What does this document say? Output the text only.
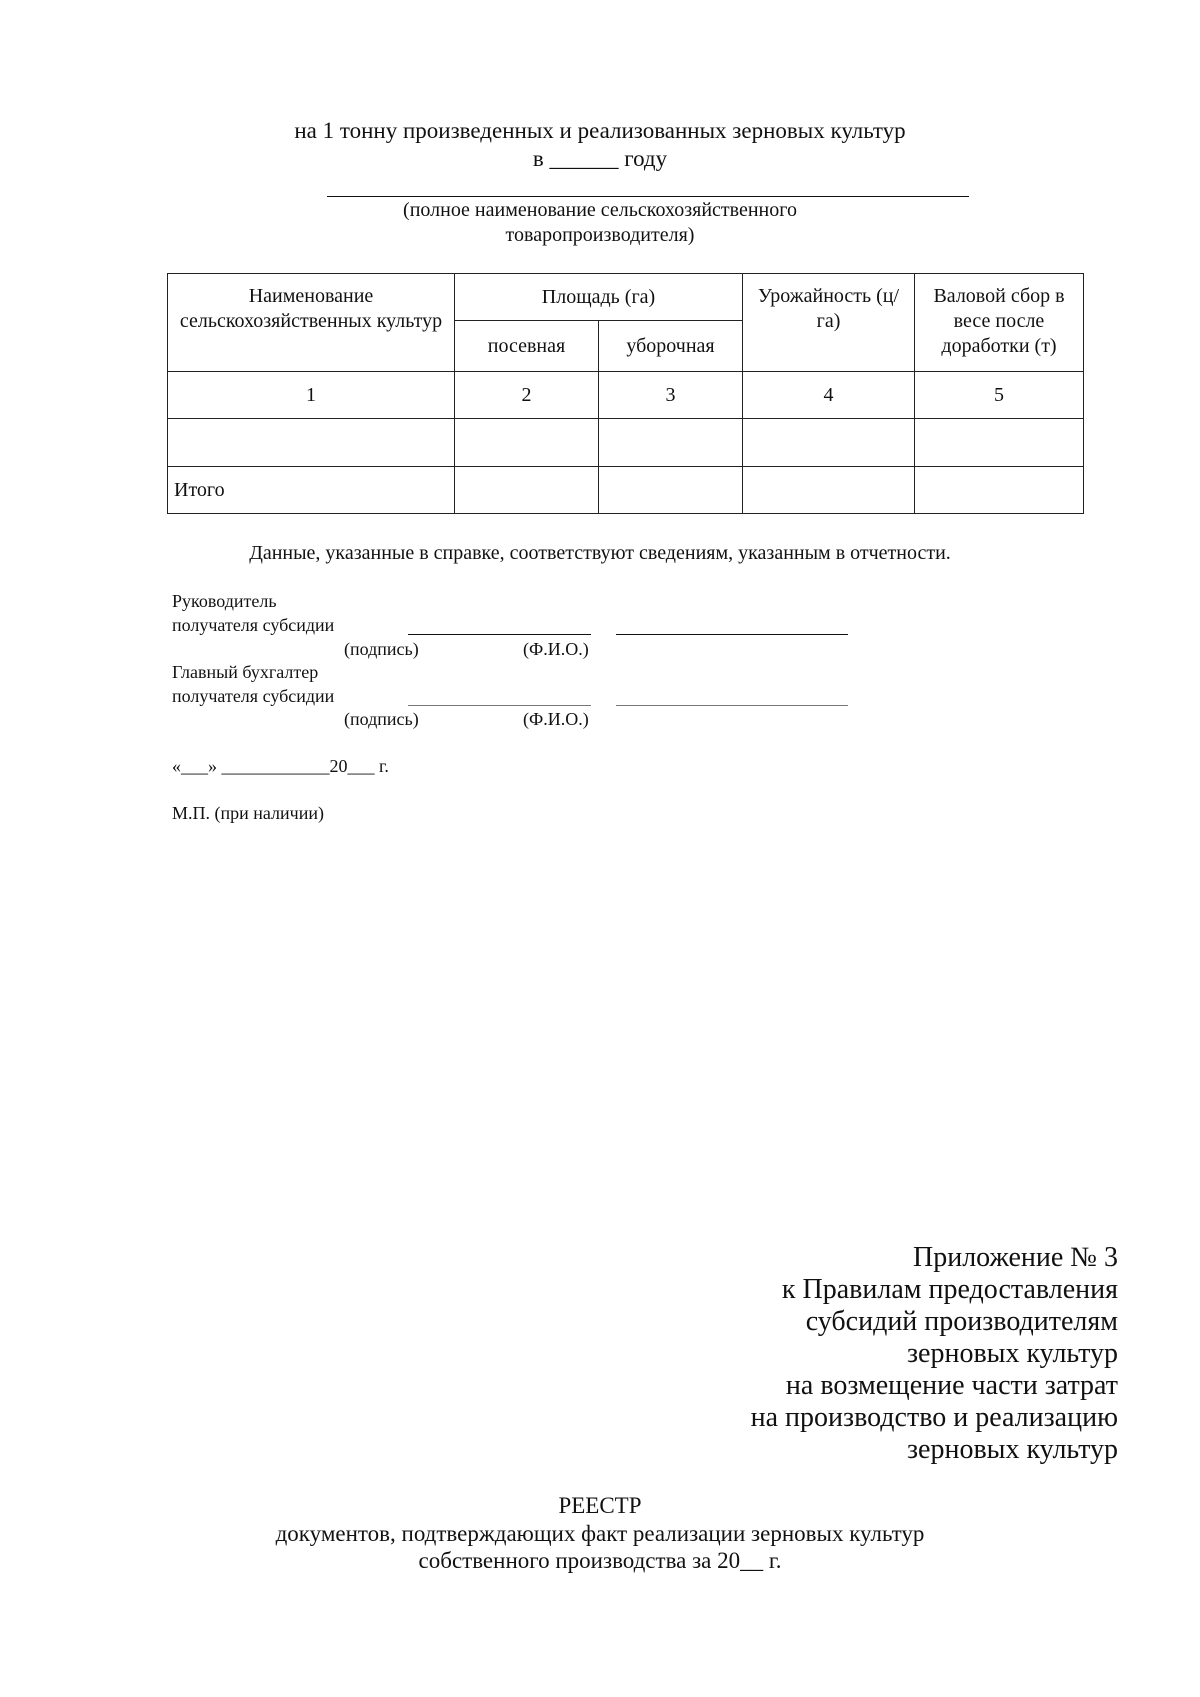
на 1 тонну произведенных и реализованных зерновых культур
в ______ году
(полное наименование сельскохозяйственного
товаропроизводителя)
Наименование сельскохозяйственных культур	Площадь (га)		Урожайность (ц/га)	Валовой сбор в весе после доработки (т)
	посевная	уборочная		
1	2	3	4	5

Итого				
Данные, указанные в справке, соответствуют сведениям, указанным в отчетности.
Руководитель
получателя субсидии
(подпись)	(Ф.И.О.)
Главный бухгалтер
получателя субсидии
(подпись)	(Ф.И.О.)
«___» ____________20___ г.
М.П. (при наличии)
Приложение № 3
к Правилам предоставления
субсидий производителям
зерновых культур
на возмещение части затрат
на производство и реализацию
зерновых культур
РЕЕСТР
документов, подтверждающих факт реализации зерновых культур
собственного производства за 20__ г.
